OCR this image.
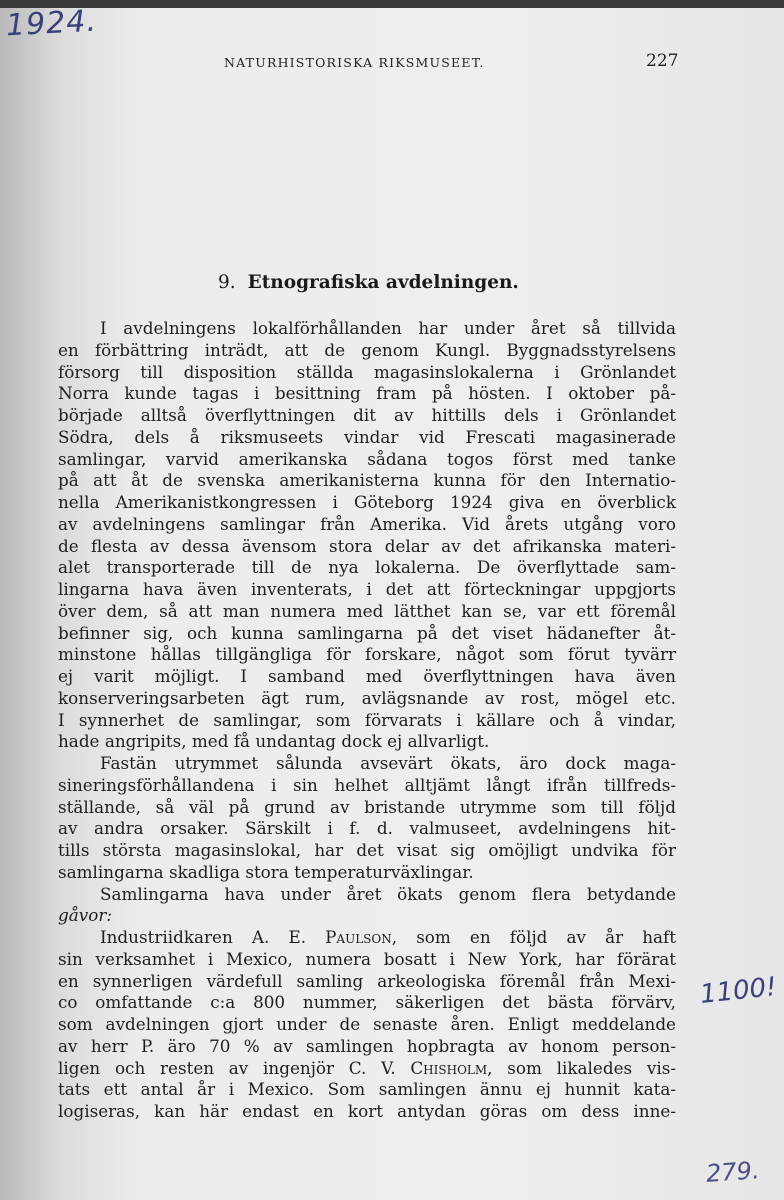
1924.
1100!
279.
NATURHISTORISKA RIKSMUSEET.	227
9. Etnografiska avdelningen.
I avdelningens lokalförhållanden har under året så tillvida
en förbättring inträdt, att de genom Kungl. Byggnadsstyrelsens
försorg till disposition ställda magasinslokalerna i Grönlandet
Norra kunde tagas i besittning fram på hösten. I oktober på-
började alltså överflyttningen dit av hittills dels i Grönlandet
Södra, dels å riksmuseets vindar vid Frescati magasinerade
samlingar, varvid amerikanska sådana togos först med tanke
på att åt de svenska amerikanisterna kunna för den Internatio-
nella Amerikanistkongressen i Göteborg 1924 giva en överblick
av avdelningens samlingar från Amerika. Vid årets utgång voro
de flesta av dessa ävensom stora delar av det afrikanska materi-
alet transporterade till de nya lokalerna. De överflyttade sam-
lingarna hava även inventerats, i det att förteckningar uppgjorts
över dem, så att man numera med lätthet kan se, var ett föremål
befinner sig, och kunna samlingarna på det viset hädanefter åt-
minstone hållas tillgängliga för forskare, något som förut tyvärr
ej varit möjligt. I samband med överflyttningen hava även
konserveringsarbeten ägt rum, avlägsnande av rost, mögel etc.
I synnerhet de samlingar, som förvarats i källare och å vindar,
hade angripits, med få undantag dock ej allvarligt.
Fastän utrymmet sålunda avsevärt ökats, äro dock maga-
sineringsförhållandena i sin helhet alltjämt långt ifrån tillfreds-
ställande, så väl på grund av bristande utrymme som till följd
av andra orsaker. Särskilt i f. d. valmuseet, avdelningens hit-
tills största magasinslokal, har det visat sig omöjligt undvika för
samlingarna skadliga stora temperaturväxlingar.
Samlingarna hava under året ökats genom flera betydande
gåvor:
Industriidkaren A. E. Paulson, som en följd av år haft
sin verksamhet i Mexico, numera bosatt i New York, har förärat
en synnerligen värdefull samling arkeologiska föremål från Mexi-
co omfattande c:a 800 nummer, säkerligen det bästa förvärv,
som avdelningen gjort under de senaste åren. Enligt meddelande
av herr P. äro 70 % av samlingen hopbragta av honom person-
ligen och resten av ingenjör C. V. Chisholm, som likaledes vis-
tats ett antal år i Mexico. Som samlingen ännu ej hunnit kata-
logiseras, kan här endast en kort antydan göras om dess inne-
